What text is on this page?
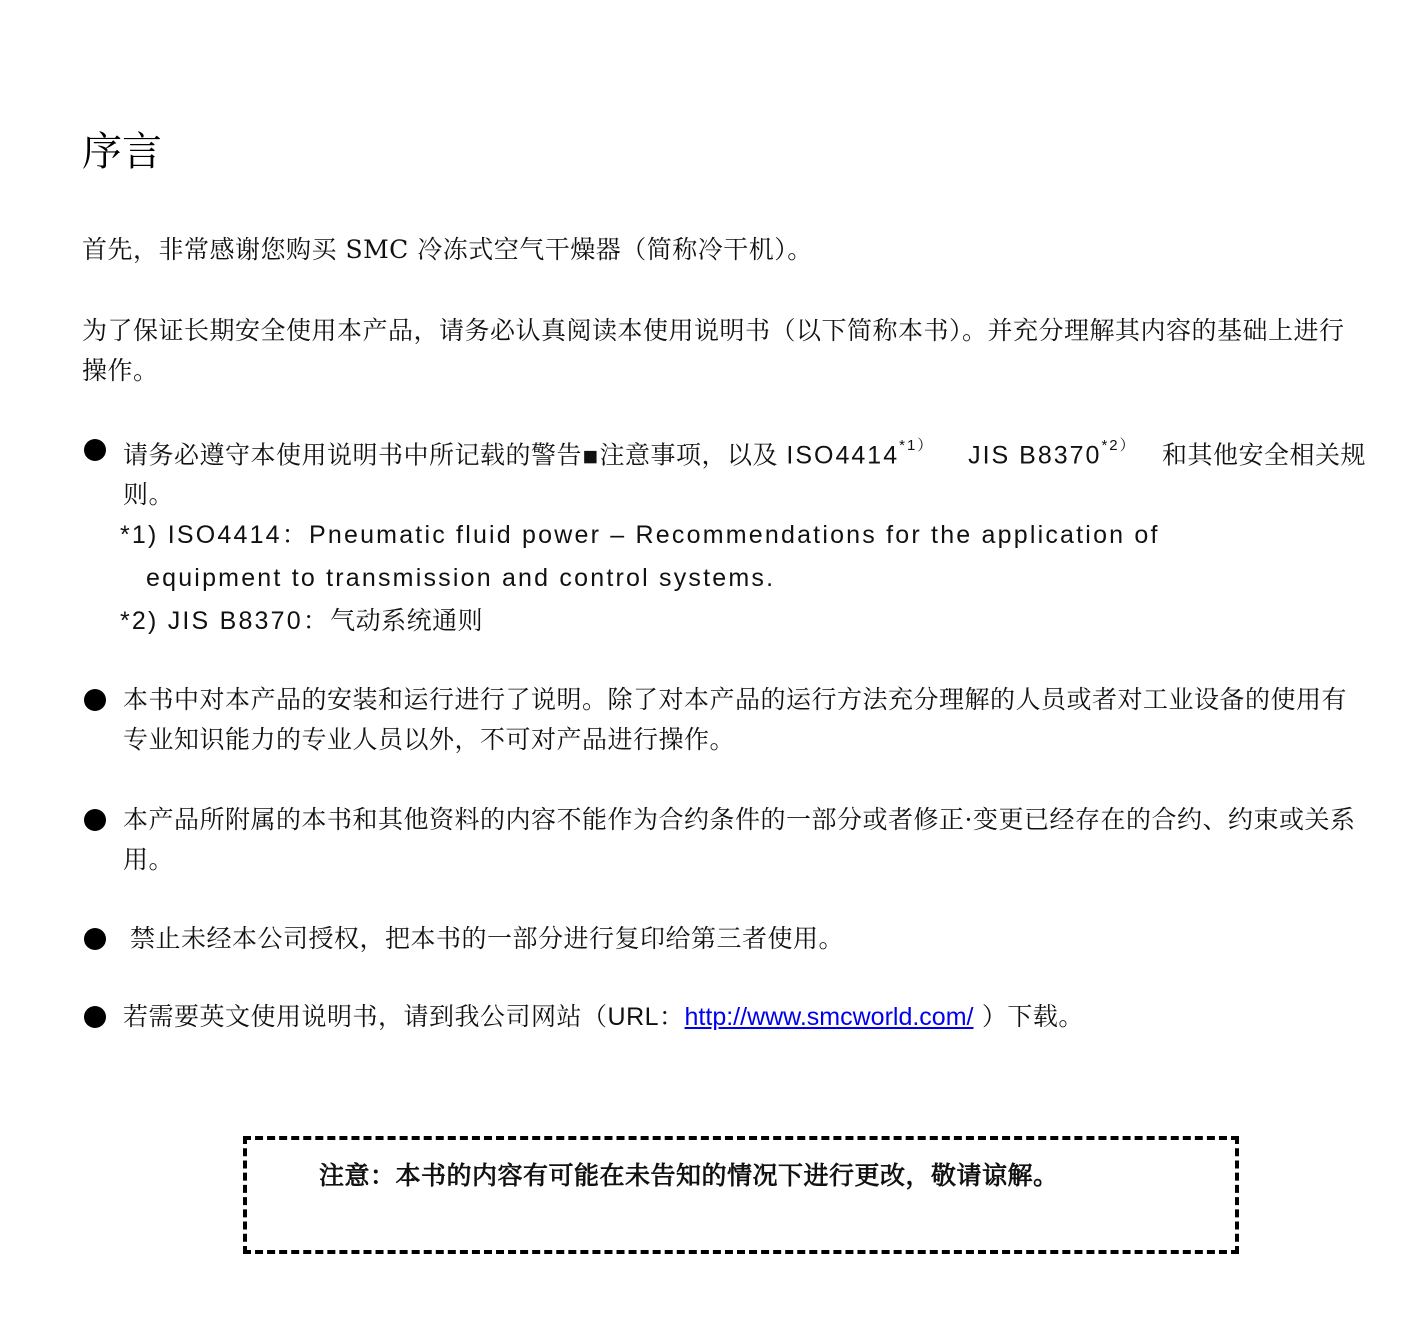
序言
首先，非常感谢您购买 SMC 冷冻式空气干燥器（简称冷干机）。
为了保证长期安全使用本产品，请务必认真阅读本使用说明书（以下简称本书）。并充分理解其内容的基础上进行操作。
请务必遵守本使用说明书中所记载的警告▪注意事项，以及 $ISO4414^{*1)}$ JIS $B8370^{*2)}$ 和其他安全相关规则。
*1) ISO4414：Pneumatic fluid power – Recommendations for the application of
equipment to transmission and control systems.
*2) JIS B8370：气动系统通则
本书中对本产品的安装和运行进行了说明。除了对本产品的运行方法充分理解的人员或者对工业设备的使用有专业知识能力的专业人员以外，不可对产品进行操作。
本产品所附属的本书和其他资料的内容不能作为合约条件的一部分或者修正·变更已经存在的合约、约束或关系用。
禁止未经本公司授权，把本书的一部分进行复印给第三者使用。
若需要英文使用说明书，请到我公司网站（URL：http://www.smcworld.com/ ）下载。
注意：本书的内容有可能在未告知的情况下进行更改，敬请谅解。
